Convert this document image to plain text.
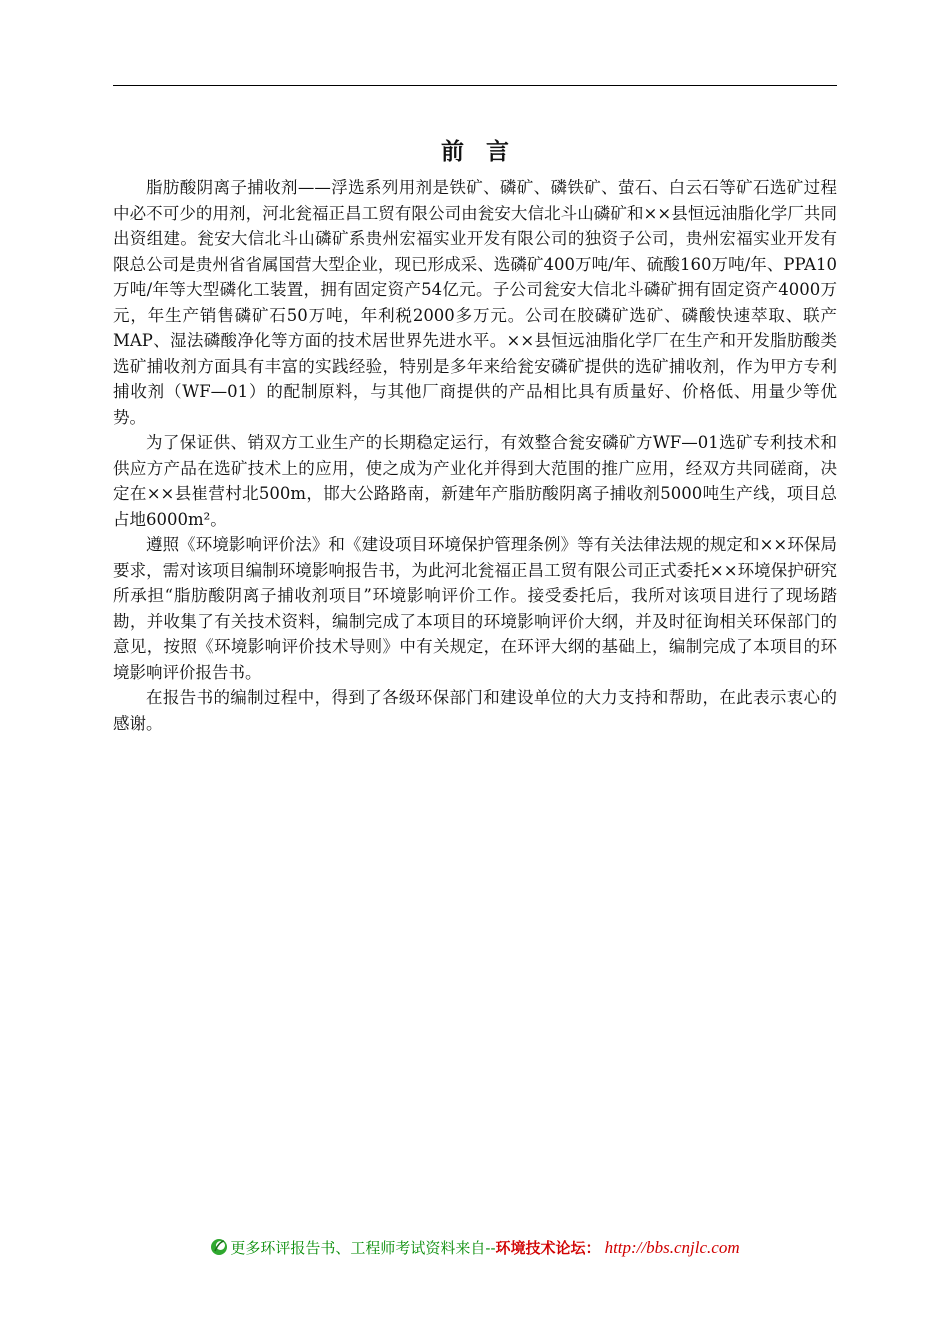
前言

脂肪酸阴离子捕收剂——浮选系列用剂是铁矿、磷矿、磷铁矿、萤石、白云石等矿石选矿过程中必不可少的用剂，河北瓮福正昌工贸有限公司由瓮安大信北斗山磷矿和××县恒远油脂化学厂共同出资组建。瓮安大信北斗山磷矿系贵州宏福实业开发有限公司的独资子公司，贵州宏福实业开发有限总公司是贵州省省属国营大型企业，现已形成采、选磷矿400万吨/年、硫酸160万吨/年、PPA10万吨/年等大型磷化工装置，拥有固定资产54亿元。子公司瓮安大信北斗磷矿拥有固定资产4000万元，年生产销售磷矿石50万吨，年利税2000多万元。公司在胶磷矿选矿、磷酸快速萃取、联产MAP、湿法磷酸净化等方面的技术居世界先进水平。××县恒远油脂化学厂在生产和开发脂肪酸类选矿捕收剂方面具有丰富的实践经验，特别是多年来给瓮安磷矿提供的选矿捕收剂，作为甲方专利捕收剂（WF—01）的配制原料，与其他厂商提供的产品相比具有质量好、价格低、用量少等优势。

为了保证供、销双方工业生产的长期稳定运行，有效整合瓮安磷矿方WF—01选矿专利技术和供应方产品在选矿技术上的应用，使之成为产业化并得到大范围的推广应用，经双方共同磋商，决定在××县崔营村北500m，邯大公路路南，新建年产脂肪酸阴离子捕收剂5000吨生产线，项目总占地6000m²。

遵照《环境影响评价法》和《建设项目环境保护管理条例》等有关法律法规的规定和××环保局要求，需对该项目编制环境影响报告书，为此河北瓮福正昌工贸有限公司正式委托××环境保护研究所承担“脂肪酸阴离子捕收剂项目”环境影响评价工作。接受委托后，我所对该项目进行了现场踏勘，并收集了有关技术资料，编制完成了本项目的环境影响评价大纲，并及时征询相关环保部门的意见，按照《环境影响评价技术导则》中有关规定，在环评大纲的基础上，编制完成了本项目的环境影响评价报告书。

在报告书的编制过程中，得到了各级环保部门和建设单位的大力支持和帮助，在此表示衷心的感谢。

更多环评报告书、工程师考试资料来自--环境技术论坛： http://bbs.cnjlc.com
